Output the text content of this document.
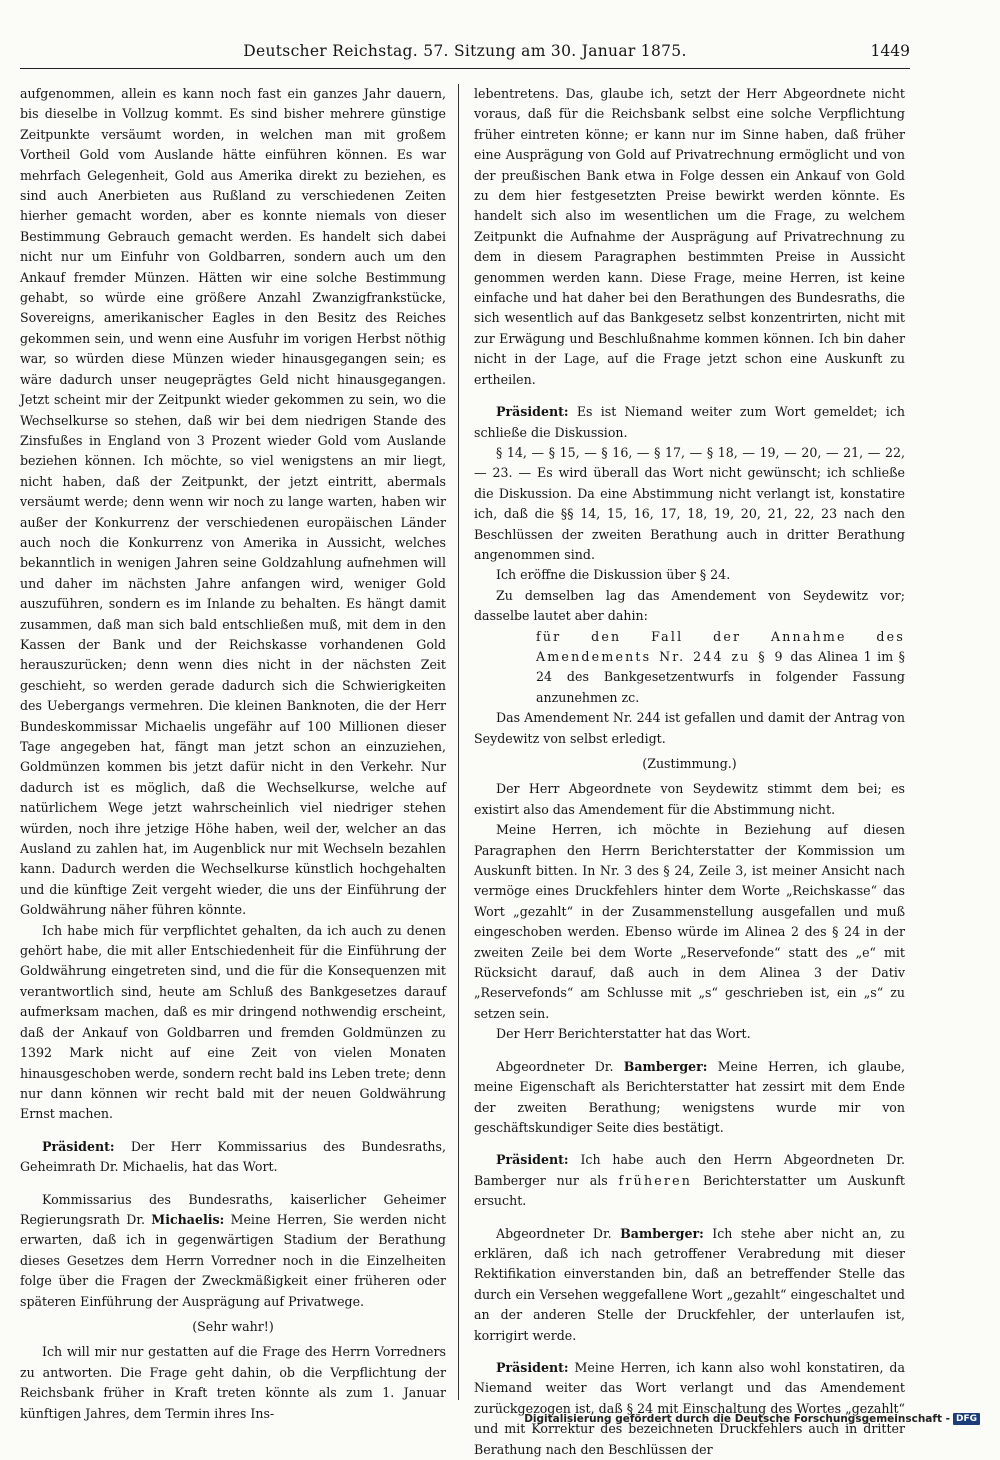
Deutscher Reichstag. 57. Sitzung am 30. Januar 1875.	1449

aufgenommen, allein es kann noch fast ein ganzes Jahr dauern, bis dieselbe in Vollzug kommt. Es sind bisher mehrere günstige Zeitpunkte versäumt worden, in welchen man mit großem Vortheil Gold vom Auslande hätte einführen können. Es war mehrfach Gelegenheit, Gold aus Amerika direkt zu beziehen, es sind auch Anerbieten aus Rußland zu verschiedenen Zeiten hierher gemacht worden, aber es konnte niemals von dieser Bestimmung Gebrauch gemacht werden. Es handelt sich dabei nicht nur um Einfuhr von Goldbarren, sondern auch um den Ankauf fremder Münzen. Hätten wir eine solche Bestimmung gehabt, so würde eine größere Anzahl Zwanzigfrankstücke, Sovereigns, amerikanischer Eagles in den Besitz des Reiches gekommen sein, und wenn eine Ausfuhr im vorigen Herbst nöthig war, so würden diese Münzen wieder hinausgegangen sein; es wäre dadurch unser neugeprägtes Geld nicht hinausgegangen. Jetzt scheint mir der Zeitpunkt wieder gekommen zu sein, wo die Wechselkurse so stehen, daß wir bei dem niedrigen Stande des Zinsfußes in England von 3 Prozent wieder Gold vom Auslande beziehen können. Ich möchte, so viel wenigstens an mir liegt, nicht haben, daß der Zeitpunkt, der jetzt eintritt, abermals versäumt werde; denn wenn wir noch zu lange warten, haben wir außer der Konkurrenz der verschiedenen europäischen Länder auch noch die Konkurrenz von Amerika in Aussicht, welches bekanntlich in wenigen Jahren seine Goldzahlung aufnehmen will und daher im nächsten Jahre anfangen wird, weniger Gold auszuführen, sondern es im Inlande zu behalten. Es hängt damit zusammen, daß man sich bald entschließen muß, mit dem in den Kassen der Bank und der Reichskasse vorhandenen Gold herauszurücken; denn wenn dies nicht in der nächsten Zeit geschieht, so werden gerade dadurch sich die Schwierigkeiten des Uebergangs vermehren. Die kleinen Banknoten, die der Herr Bundeskommissar Michaelis ungefähr auf 100 Millionen dieser Tage angegeben hat, fängt man jetzt schon an einzuziehen, Goldmünzen kommen bis jetzt dafür nicht in den Verkehr. Nur dadurch ist es möglich, daß die Wechselkurse, welche auf natürlichem Wege jetzt wahrscheinlich viel niedriger stehen würden, noch ihre jetzige Höhe haben, weil der, welcher an das Ausland zu zahlen hat, im Augenblick nur mit Wechseln bezahlen kann. Dadurch werden die Wechselkurse künstlich hochgehalten und die künftige Zeit vergeht wieder, die uns der Einführung der Goldwährung näher führen könnte.

Ich habe mich für verpflichtet gehalten, da ich auch zu denen gehört habe, die mit aller Entschiedenheit für die Einführung der Goldwährung eingetreten sind, und die für die Konsequenzen mit verantwortlich sind, heute am Schluß des Bankgesetzes darauf aufmerksam machen, daß es mir dringend nothwendig erscheint, daß der Ankauf von Goldbarren und fremden Goldmünzen zu 1392 Mark nicht auf eine Zeit von vielen Monaten hinausgeschoben werde, sondern recht bald ins Leben trete; denn nur dann können wir recht bald mit der neuen Goldwährung Ernst machen.

Präsident: Der Herr Kommissarius des Bundesraths, Geheimrath Dr. Michaelis, hat das Wort.

Kommissarius des Bundesraths, kaiserlicher Geheimer Regierungsrath Dr. Michaelis: Meine Herren, Sie werden nicht erwarten, daß ich in gegenwärtigen Stadium der Berathung dieses Gesetzes dem Herrn Vorredner noch in die Einzelheiten folge über die Fragen der Zweckmäßigkeit einer früheren oder späteren Einführung der Ausprägung auf Privatwege.

(Sehr wahr!)

Ich will mir nur gestatten auf die Frage des Herrn Vorredners zu antworten. Die Frage geht dahin, ob die Verpflichtung der Reichsbank früher in Kraft treten könnte als zum 1. Januar künftigen Jahres, dem Termin ihres Ins-

lebentretens. Das, glaube ich, setzt der Herr Abgeordnete nicht voraus, daß für die Reichsbank selbst eine solche Verpflichtung früher eintreten könne; er kann nur im Sinne haben, daß früher eine Ausprägung von Gold auf Privatrechnung ermöglicht und von der preußischen Bank etwa in Folge dessen ein Ankauf von Gold zu dem hier festgesetzten Preise bewirkt werden könnte. Es handelt sich also im wesentlichen um die Frage, zu welchem Zeitpunkt die Aufnahme der Ausprägung auf Privatrechnung zu dem in diesem Paragraphen bestimmten Preise in Aussicht genommen werden kann. Diese Frage, meine Herren, ist keine einfache und hat daher bei den Berathungen des Bundesraths, die sich wesentlich auf das Bankgesetz selbst konzentrirten, nicht mit zur Erwägung und Beschlußnahme kommen können. Ich bin daher nicht in der Lage, auf die Frage jetzt schon eine Auskunft zu ertheilen.

Präsident: Es ist Niemand weiter zum Wort gemeldet; ich schließe die Diskussion.

§ 14, — § 15, — § 16, — § 17, — § 18, — 19, — 20, — 21, — 22, — 23. — Es wird überall das Wort nicht gewünscht; ich schließe die Diskussion. Da eine Abstimmung nicht verlangt ist, konstatire ich, daß die §§ 14, 15, 16, 17, 18, 19, 20, 21, 22, 23 nach den Beschlüssen der zweiten Berathung auch in dritter Berathung angenommen sind.

Ich eröffne die Diskussion über § 24.

Zu demselben lag das Amendement von Seydewitz vor; dasselbe lautet aber dahin:

für den Fall der Annahme des Amendements Nr. 244 zu § 9 das Alinea 1 im § 24 des Bankgesetzentwurfs in folgender Fassung anzunehmen zc.

Das Amendement Nr. 244 ist gefallen und damit der Antrag von Seydewitz von selbst erledigt.

(Zustimmung.)

Der Herr Abgeordnete von Seydewitz stimmt dem bei; es existirt also das Amendement für die Abstimmung nicht.

Meine Herren, ich möchte in Beziehung auf diesen Paragraphen den Herrn Berichterstatter der Kommission um Auskunft bitten. In Nr. 3 des § 24, Zeile 3, ist meiner Ansicht nach vermöge eines Druckfehlers hinter dem Worte „Reichskasse“ das Wort „gezahlt“ in der Zusammenstellung ausgefallen und muß eingeschoben werden. Ebenso würde im Alinea 2 des § 24 in der zweiten Zeile bei dem Worte „Reservefonde“ statt des „e“ mit Rücksicht darauf, daß auch in dem Alinea 3 der Dativ „Reservefonds“ am Schlusse mit „s“ geschrieben ist, ein „s“ zu setzen sein.

Der Herr Berichterstatter hat das Wort.

Abgeordneter Dr. Bamberger: Meine Herren, ich glaube, meine Eigenschaft als Berichterstatter hat zessirt mit dem Ende der zweiten Berathung; wenigstens wurde mir von geschäftskundiger Seite dies bestätigt.

Präsident: Ich habe auch den Herrn Abgeordneten Dr. Bamberger nur als früheren Berichterstatter um Auskunft ersucht.

Abgeordneter Dr. Bamberger: Ich stehe aber nicht an, zu erklären, daß ich nach getroffener Verabredung mit dieser Rektifikation einverstanden bin, daß an betreffender Stelle das durch ein Versehen weggefallene Wort „gezahlt“ eingeschaltet und an der anderen Stelle der Druckfehler, der unterlaufen ist, korrigirt werde.

Präsident: Meine Herren, ich kann also wohl konstatiren, da Niemand weiter das Wort verlangt und das Amendement zurückgezogen ist, daß § 24 mit Einschaltung des Wortes „gezahlt“ und mit Korrektur des bezeichneten Druckfehlers auch in dritter Berathung nach den Beschlüssen der

Digitalisierung gefördert durch die Deutsche Forschungsgemeinschaft - DFG
